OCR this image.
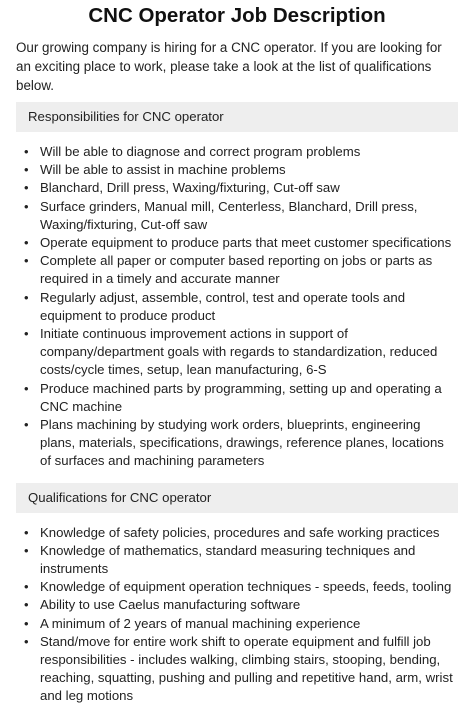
CNC Operator Job Description

Our growing company is hiring for a CNC operator. If you are looking for an exciting place to work, please take a look at the list of qualifications below.

Responsibilities for CNC operator
• Will be able to diagnose and correct program problems
• Will be able to assist in machine problems
• Blanchard, Drill press, Waxing/fixturing, Cut-off saw
• Surface grinders, Manual mill, Centerless, Blanchard, Drill press, Waxing/fixturing, Cut-off saw
• Operate equipment to produce parts that meet customer specifications
• Complete all paper or computer based reporting on jobs or parts as required in a timely and accurate manner
• Regularly adjust, assemble, control, test and operate tools and equipment to produce product
• Initiate continuous improvement actions in support of company/department goals with regards to standardization, reduced costs/cycle times, setup, lean manufacturing, 6-S
• Produce machined parts by programming, setting up and operating a CNC machine
• Plans machining by studying work orders, blueprints, engineering plans, materials, specifications, drawings, reference planes, locations of surfaces and machining parameters
Qualifications for CNC operator
• Knowledge of safety policies, procedures and safe working practices
• Knowledge of mathematics, standard measuring techniques and instruments
• Knowledge of equipment operation techniques - speeds, feeds, tooling
• Ability to use Caelus manufacturing software
• A minimum of 2 years of manual machining experience
• Stand/move for entire work shift to operate equipment and fulfill job responsibilities - includes walking, climbing stairs, stooping, bending, reaching, squatting, pushing and pulling and repetitive hand, arm, wrist and leg motions
